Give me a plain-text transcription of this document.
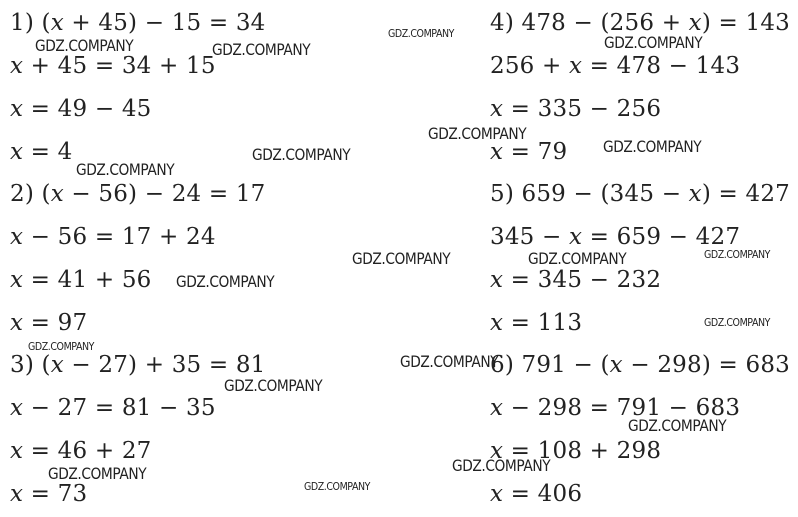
1) (𝑥 + 45) − 15 = 34
𝑥 + 45 = 34 + 15
𝑥 = 49 − 45
𝑥 = 4
2) (𝑥 − 56) − 24 = 17
𝑥 − 56 = 17 + 24
𝑥 = 41 + 56
𝑥 = 97
3) (𝑥 − 27) + 35 = 81
𝑥 − 27 = 81 − 35
𝑥 = 46 + 27
𝑥 = 73
4) 478 − (256 + 𝑥) = 143
256 + 𝑥 = 478 − 143
𝑥 = 335 − 256
𝑥 = 79
5) 659 − (345 − 𝑥) = 427
345 − 𝑥 = 659 − 427
𝑥 = 345 − 232
𝑥 = 113
6) 791 − (𝑥 − 298) = 683
𝑥 − 298 = 791 − 683
𝑥 = 108 + 298
𝑥 = 406
GDZ.COMPANY	GDZ.COMPANY
GDZ.COMPANY	GDZ.COMPANY
GDZ.COMPANY
GDZ.COMPANY
GDZ.COMPANY
GDZ.COMPANY
GDZ.COMPANY	GDZ.COMPANY	GDZ.COMPANY
GDZ.COMPANY
GDZ.COMPANY
GDZ.COMPANY
GDZ.COMPANY
GDZ.COMPANY
GDZ.COMPANY
GDZ.COMPANY
GDZ.COMPANY
GDZ.COMPANY
